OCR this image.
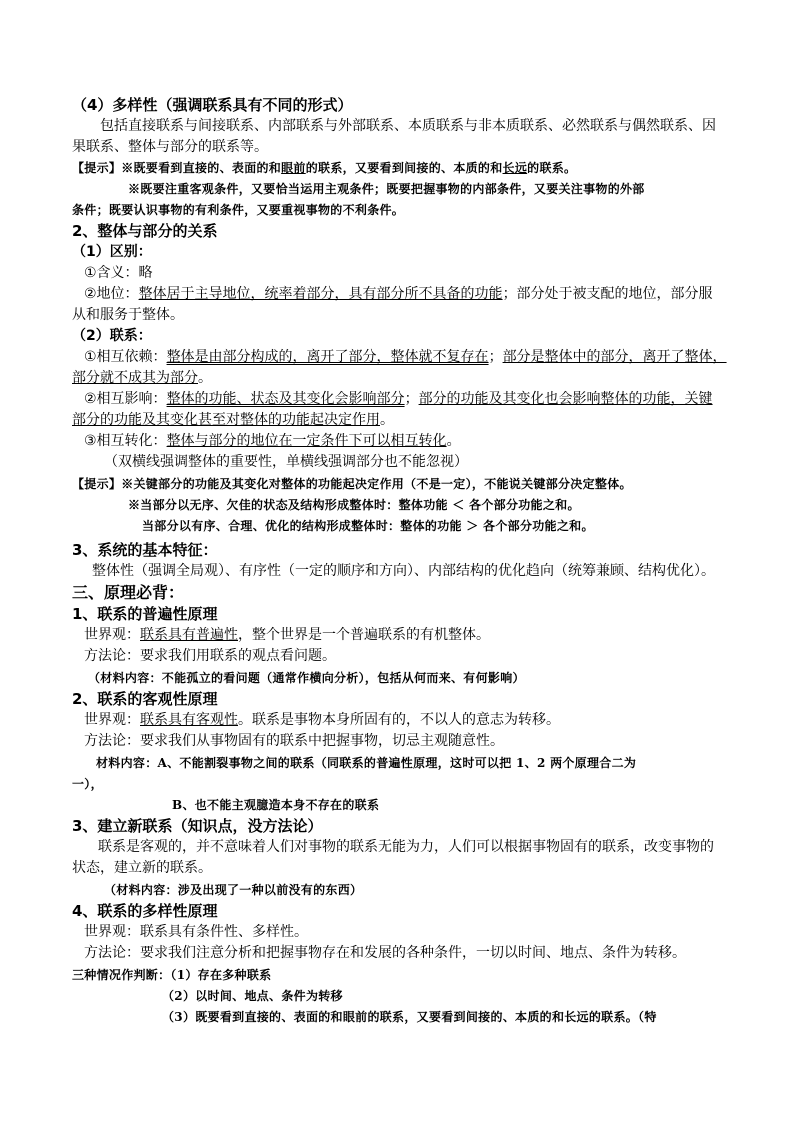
（4）多样性（强调联系具有不同的形式）
包括直接联系与间接联系、内部联系与外部联系、本质联系与非本质联系、必然联系与偶然联系、因
果联系、整体与部分的联系等。
【提示】※既要看到直接的、表面的和眼前的联系，又要看到间接的、本质的和长远的联系。
※既要注重客观条件，又要恰当运用主观条件；既要把握事物的内部条件，又要关注事物的外部
条件；既要认识事物的有利条件，又要重视事物的不利条件。
2、整体与部分的关系
（1）区别：
①含义：略
②地位：整体居于主导地位，统率着部分，具有部分所不具备的功能；部分处于被支配的地位，部分服
从和服务于整体。
（2）联系：
①相互依赖：整体是由部分构成的，离开了部分，整体就不复存在；部分是整体中的部分，离开了整体，
部分就不成其为部分。
②相互影响：整体的功能、状态及其变化会影响部分；部分的功能及其变化也会影响整体的功能，关键
部分的功能及其变化甚至对整体的功能起决定作用。
③相互转化：整体与部分的地位在一定条件下可以相互转化。
（双横线强调整体的重要性，单横线强调部分也不能忽视）
【提示】※关键部分的功能及其变化对整体的功能起决定作用（不是一定），不能说关键部分决定整体。
※当部分以无序、欠佳的状态及结构形成整体时：整体功能 ＜ 各个部分功能之和。
当部分以有序、合理、优化的结构形成整体时：整体的功能 ＞ 各个部分功能之和。
3、系统的基本特征：
整体性（强调全局观）、有序性（一定的顺序和方向）、内部结构的优化趋向（统筹兼顾、结构优化）。
三、原理必背：
1、联系的普遍性原理
世界观：联系具有普遍性，整个世界是一个普遍联系的有机整体。
方法论：要求我们用联系的观点看问题。
（材料内容：不能孤立的看问题（通常作横向分析），包括从何而来、有何影响）
2、联系的客观性原理
世界观：联系具有客观性。联系是事物本身所固有的，不以人的意志为转移。
方法论：要求我们从事物固有的联系中把握事物，切忌主观随意性。
材料内容：A、不能割裂事物之间的联系（同联系的普遍性原理，这时可以把 1、2 两个原理合二为
一），
B、也不能主观臆造本身不存在的联系
3、建立新联系（知识点，没方法论）
联系是客观的，并不意味着人们对事物的联系无能为力，人们可以根据事物固有的联系，改变事物的
状态，建立新的联系。
（材料内容：涉及出现了一种以前没有的东西）
4、联系的多样性原理
世界观：联系具有条件性、多样性。
方法论：要求我们注意分析和把握事物存在和发展的各种条件，一切以时间、地点、条件为转移。
三种情况作判断：（1）存在多种联系
（2）以时间、地点、条件为转移
（3）既要看到直接的、表面的和眼前的联系，又要看到间接的、本质的和长远的联系。（特
